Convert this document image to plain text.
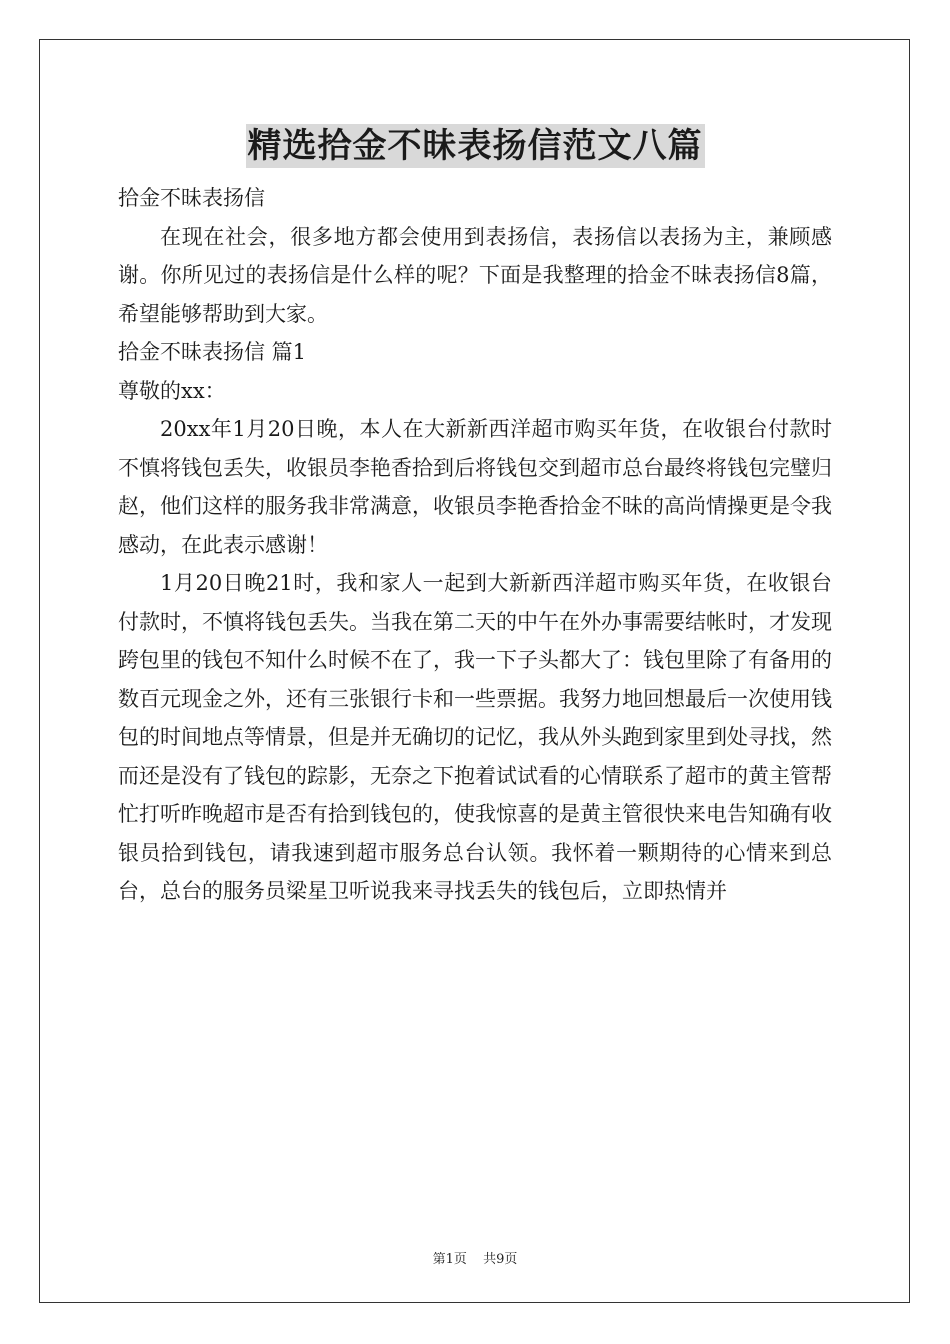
精选拾金不昧表扬信范文八篇

拾金不昧表扬信

在现在社会，很多地方都会使用到表扬信，表扬信以表扬为主，兼顾感谢。你所见过的表扬信是什么样的呢？下面是我整理的拾金不昧表扬信8篇，希望能够帮助到大家。

拾金不昧表扬信 篇1

尊敬的xx：

20xx年1月20日晚，本人在大新新西洋超市购买年货，在收银台付款时不慎将钱包丢失，收银员李艳香拾到后将钱包交到超市总台最终将钱包完璧归赵，他们这样的服务我非常满意，收银员李艳香拾金不昧的高尚情操更是令我感动，在此表示感谢！

1月20日晚21时，我和家人一起到大新新西洋超市购买年货，在收银台付款时，不慎将钱包丢失。当我在第二天的中午在外办事需要结帐时，才发现跨包里的钱包不知什么时候不在了，我一下子头都大了：钱包里除了有备用的数百元现金之外，还有三张银行卡和一些票据。我努力地回想最后一次使用钱包的时间地点等情景，但是并无确切的记忆，我从外头跑到家里到处寻找，然而还是没有了钱包的踪影，无奈之下抱着试试看的心情联系了超市的黄主管帮忙打听昨晚超市是否有拾到钱包的，使我惊喜的是黄主管很快来电告知确有收银员拾到钱包，请我速到超市服务总台认领。我怀着一颗期待的心情来到总台，总台的服务员梁星卫听说我来寻找丢失的钱包后，立即热情并

第1页 共9页
